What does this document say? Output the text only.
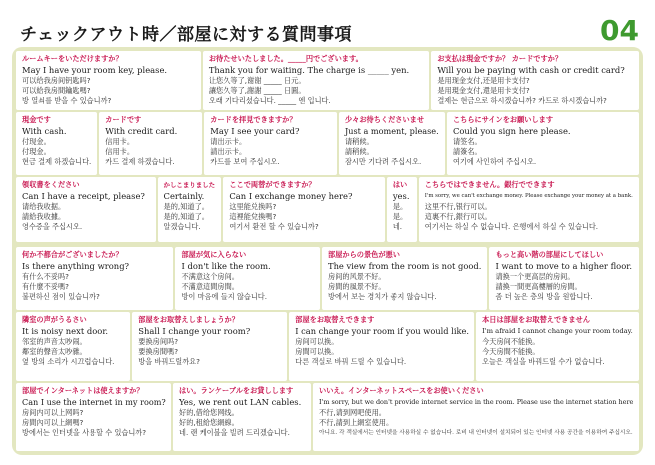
チェックアウト時／部屋に対する質問事項	04
ルームキーをいただけますか？
May I have your room key, please.
可以给我房间钥匙吗?
可以給我房間鑰匙嗎?
방 열쇠를 받을 수 있습니까?
お待たせいたしました。_____円でございます。
Thank you for waiting. The charge is _____ yen.
让您久等了,谢谢 _____ 日元。
讓您久等了,謝謝 _____ 日圓。
오래 기다리셨습니다. _____ 엔 입니다.
お支払は現金ですか？ カードですか？
Will you be paying with cash or credit card?
是用现金支付,还是用卡支付?
是用現金支付,還是用卡支付?
결제는 현금으로 하시겠습니까? 카드로 하시겠습니까?
現金です
With cash.
付现金。
付現金。
현금 결제 하겠습니다.
カードです
With credit card.
信用卡。
信用卡。
카드 결제 하겠습니다.
カードを拝見できますか？
May I see your card?
请出示卡。
請出示卡。
카드를 보여 주십시오.
少々お待ちくださいませ
Just a moment, please.
请稍候。
請稍候。
잠시만 기다려 주십시오.
こちらにサインをお願いします
Could you sign here please.
请签名。
請簽名。
여기에 사인하여 주십시오.
領収書をください
Can I have a receipt, please?
请给我收据。
請給我收據。
영수증을 주십시오.
かしこまりました
Certainly.
是的,知道了。
是的,知道了。
알겠습니다.
ここで両替ができますか？
Can I exchange money here?
这里能兑换吗?
這裡能兌換嗎?
여기서 환전 할 수 있습니까?
はい
yes.
是。
是。
네.
こちらではできません。銀行でできます
I'm sorry, we can't exchange money. Please exchange your money at a bank.
这里不行,银行可以。
這裏不行,銀行可以。
여기서는 하실 수 없습니다. 은행에서 하실 수 있습니다.
何か不都合がございましたか？
Is there anything wrong?
有什么不妥吗?
有什麼不妥嗎?
불편하신 점이 있습니까?
部屋が気に入らない
I don't like the room.
不满意这个房间。
不滿意這間房間。
방이 마음에 들지 않습니다.
部屋からの景色が悪い
The view from the room is not good.
房间的风景不好。
房間的風景不好。
방에서 보는 경치가 좋지 않습니다.
もっと高い階の部屋にしてほしい
I want to move to a higher floor.
请换一个更高层的房间。
請換一間更高樓層的房間。
좀 더 높은 층의 방을 원합니다.
隣室の声がうるさい
It is noisy next door.
邻室的声音太吵闹。
鄰室的聲音太吵雜。
옆 방의 소리가 시끄럽습니다.
部屋をお取替えしましょうか？
Shall I change your room?
要换房间吗?
要換房間嗎?
방을 바꿔드릴까요?
部屋をお取替えできます
I can change your room if you would like.
房间可以换。
房間可以換。
다른 객실로 바꿔 드릴 수 있습니다.
本日は部屋をお取替えできません
I'm afraid I cannot change your room today.
今天房间不能换。
今天房間不能換。
오늘은 객실을 바꿔드릴 수가 없습니다.
部屋でインターネットは使えますか？
Can I use the internet in my room?
房间内可以上网吗?
房間內可以上網嗎?
방에서는 인터넷을 사용할 수 있습니까?
はい。ランケーブルをお貸しします
Yes, we rent out LAN cables.
好的,借给您网线。
好的,租給您網線。
네. 랜 케이블을 빌려 드리겠습니다.
いいえ。インターネットスペースをお使いください
I'm sorry, but we don't provide internet service in the room. Please use the internet station here
不行,请到网吧使用。
不行,請到上網室使用。
아니요. 각 객실에서는 인터넷을 사용하실 수 없습니다. 로비 내 인터넷이 설치되어 있는 인터넷 사용 공간을 이용하여 주십시오.
